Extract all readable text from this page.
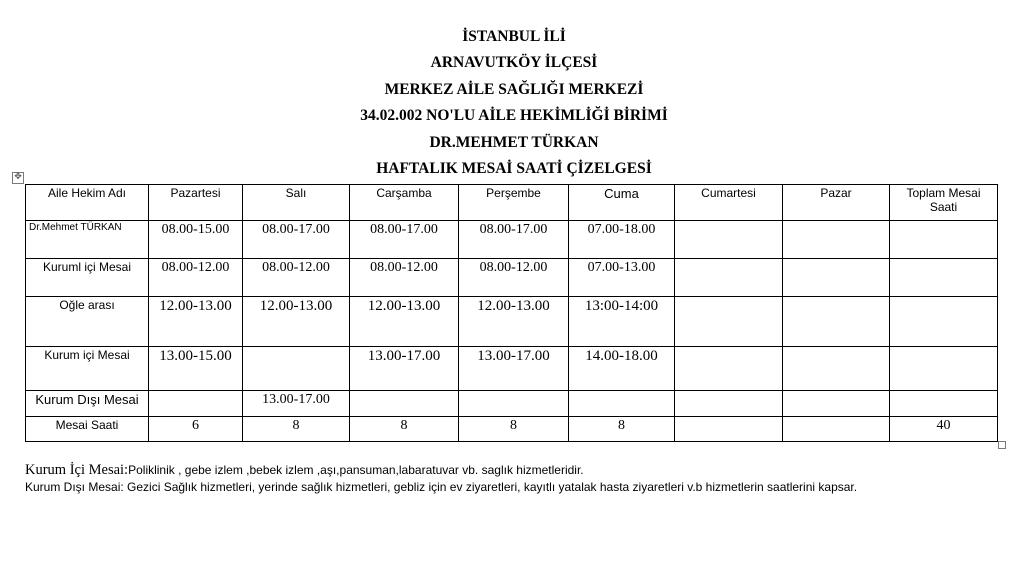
İSTANBUL İLİ
ARNAVUTKÖY İLÇESİ
MERKEZ AİLE SAĞLIĞI MERKEZİ
34.02.002 NO'LU AİLE HEKİMLİĞİ BİRİMİ
DR.MEHMET TÜRKAN
HAFTALIK MESAİ SAATİ ÇİZELGESİ
✥
Aile Hekim Adı	Pazartesi	Salı	Carşamba	Perşembe	Cuma	Cumartesi	Pazar	Toplam Mesai Saati
Dr.Mehmet TÜRKAN	08.00-15.00	08.00-17.00	08.00-17.00	08.00-17.00	07.00-18.00			
Kuruml içi Mesai	08.00-12.00	08.00-12.00	08.00-12.00	08.00-12.00	07.00-13.00			
Oğle arası	12.00-13.00	12.00-13.00	12.00-13.00	12.00-13.00	13:00-14:00			
Kurum içi Mesai	13.00-15.00		13.00-17.00	13.00-17.00	14.00-18.00			
Kurum Dışı Mesai		13.00-17.00						
Mesai Saati	6	8	8	8	8			40
Kurum İçi Mesai:Poliklinik , gebe izlem ,bebek izlem ,aşı,pansuman,labaratuvar vb. saglık hizmetleridir.
Kurum Dışı Mesai: Gezici Sağlık hizmetleri, yerinde sağlık hizmetleri, gebliz için ev ziyaretleri, kayıtlı yatalak hasta ziyaretleri v.b hizmetlerin saatlerini kapsar.
